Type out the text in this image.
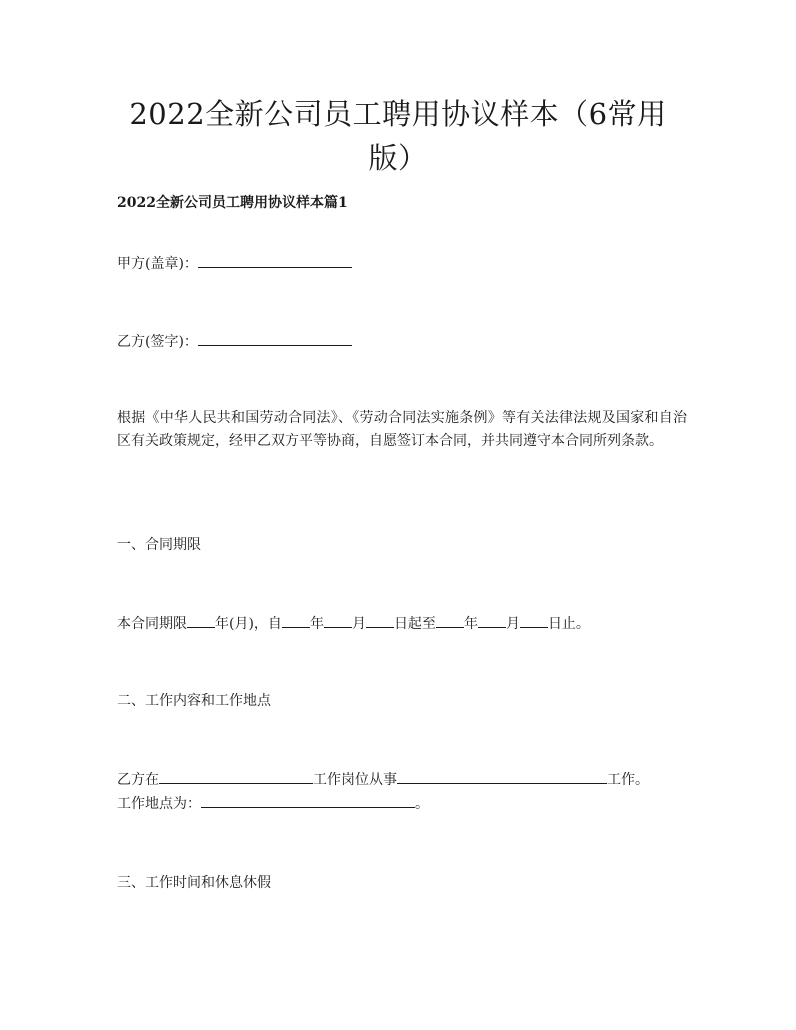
2022全新公司员工聘用协议样本（6常用版）
2022全新公司员工聘用协议样本篇1
甲方(盖章)：
乙方(签字)：
根据《中华人民共和国劳动合同法》、《劳动合同法实施条例》等有关法律法规及国家和自治区有关政策规定，经甲乙双方平等协商，自愿签订本合同，并共同遵守本合同所列条款。
一、合同期限
本合同期限 年(月)，自 年 月 日起至 年 月 日止。
二、工作内容和工作地点
乙方在	工作岗位从事	工作。
工作地点为：	。
三、工作时间和休息休假
